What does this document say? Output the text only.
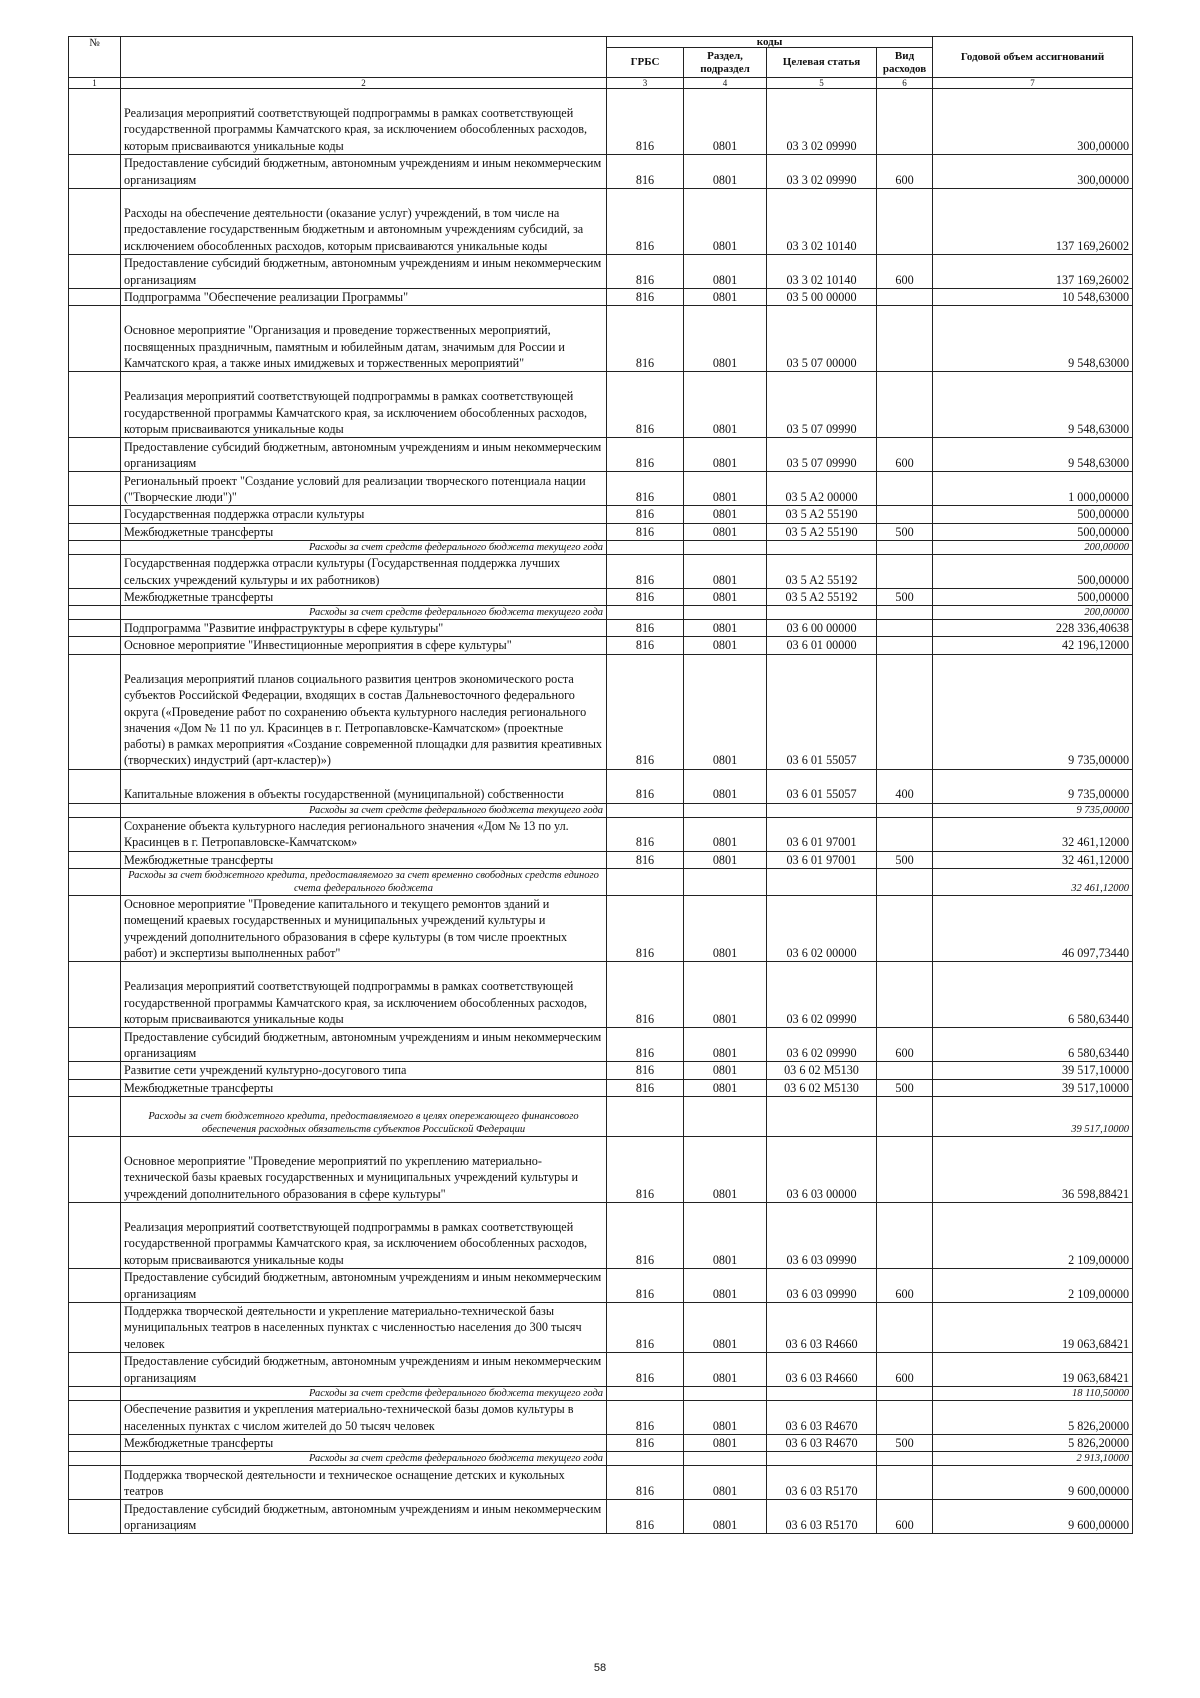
№		коды				Годовой объем ассигнований
		ГРБС	Раздел, подраздел	Целевая статья	Вид расходов	
1	2	3	4	5	6	7
	Реализация мероприятий соответствующей подпрограммы в рамках соответствующей государственной программы Камчатского края, за исключением обособленных расходов, которым присваиваются уникальные коды	816	0801	03 3 02 09990		300,00000
	Предоставление субсидий бюджетным, автономным учреждениям и иным некоммерческим организациям	816	0801	03 3 02 09990	600	300,00000
	Расходы на обеспечение деятельности (оказание услуг) учреждений, в том числе на предоставление государственным бюджетным и автономным учреждениям субсидий, за исключением обособленных расходов, которым присваиваются уникальные коды	816	0801	03 3 02 10140		137 169,26002
	Предоставление субсидий бюджетным, автономным учреждениям и иным некоммерческим организациям	816	0801	03 3 02 10140	600	137 169,26002
	Подпрограмма "Обеспечение реализации Программы"	816	0801	03 5 00 00000		10 548,63000
	Основное мероприятие "Организация и проведение торжественных мероприятий, посвященных праздничным, памятным и юбилейным датам, значимым для России и Камчатского края, а также иных имиджевых и торжественных мероприятий"	816	0801	03 5 07 00000		9 548,63000
	Реализация мероприятий соответствующей подпрограммы в рамках соответствующей государственной программы Камчатского края, за исключением обособленных расходов, которым присваиваются уникальные коды	816	0801	03 5 07 09990		9 548,63000
	Предоставление субсидий бюджетным, автономным учреждениям и иным некоммерческим организациям	816	0801	03 5 07 09990	600	9 548,63000
	Региональный проект "Создание условий для реализации творческого потенциала нации ("Творческие люди")"	816	0801	03 5 A2 00000		1 000,00000
	Государственная поддержка отрасли культуры	816	0801	03 5 A2 55190		500,00000
	Межбюджетные трансферты	816	0801	03 5 A2 55190	500	500,00000
	Расходы за счет средств федерального бюджета текущего года					200,00000
	Государственная поддержка отрасли культуры (Государственная поддержка лучших сельских учреждений культуры и их работников)	816	0801	03 5 A2 55192		500,00000
	Межбюджетные трансферты	816	0801	03 5 A2 55192	500	500,00000
	Расходы за счет средств федерального бюджета текущего года					200,00000
	Подпрограмма "Развитие инфраструктуры в сфере культуры"	816	0801	03 6 00 00000		228 336,40638
	Основное мероприятие "Инвестиционные мероприятия в сфере культуры"	816	0801	03 6 01 00000		42 196,12000
	Реализация мероприятий планов социального развития центров экономического роста субъектов Российской Федерации, входящих в состав Дальневосточного федерального округа («Проведение работ по сохранению объекта культурного наследия регионального значения «Дом № 11 по ул. Красинцев в г. Петропавловске-Камчатском» (проектные работы) в рамках мероприятия «Создание современной площадки для развития креативных (творческих) индустрий (арт-кластер)»)	816	0801	03 6 01 55057		9 735,00000
	Капитальные вложения в объекты государственной (муниципальной) собственности	816	0801	03 6 01 55057	400	9 735,00000
	Расходы за счет средств федерального бюджета текущего года					9 735,00000
	Сохранение объекта культурного наследия регионального значения «Дом № 13 по ул. Красинцев в г. Петропавловске-Камчатском»	816	0801	03 6 01 97001		32 461,12000
	Межбюджетные трансферты	816	0801	03 6 01 97001	500	32 461,12000
	Расходы за счет бюджетного кредита, предоставляемого за счет временно свободных средств единого счета федерального бюджета					32 461,12000
	Основное мероприятие "Проведение капитального и текущего ремонтов зданий и помещений краевых государственных и муниципальных учреждений культуры и учреждений дополнительного образования в сфере культуры (в том числе проектных работ) и экспертизы выполненных работ"	816	0801	03 6 02 00000		46 097,73440
	Реализация мероприятий соответствующей подпрограммы в рамках соответствующей государственной программы Камчатского края, за исключением обособленных расходов, которым присваиваются уникальные коды	816	0801	03 6 02 09990		6 580,63440
	Предоставление субсидий бюджетным, автономным учреждениям и иным некоммерческим организациям	816	0801	03 6 02 09990	600	6 580,63440
	Развитие сети учреждений культурно-досугового типа	816	0801	03 6 02 M5130		39 517,10000
	Межбюджетные трансферты	816	0801	03 6 02 M5130	500	39 517,10000
	Расходы за счет бюджетного кредита, предоставляемого в целях опережающего финансового обеспечения расходных обязательств субъектов Российской Федерации					39 517,10000
	Основное мероприятие "Проведение мероприятий по укреплению материально-технической базы краевых государственных и муниципальных учреждений культуры и учреждений дополнительного образования в сфере культуры"	816	0801	03 6 03 00000		36 598,88421
	Реализация мероприятий соответствующей подпрограммы в рамках соответствующей государственной программы Камчатского края, за исключением обособленных расходов, которым присваиваются уникальные коды	816	0801	03 6 03 09990		2 109,00000
	Предоставление субсидий бюджетным, автономным учреждениям и иным некоммерческим организациям	816	0801	03 6 03 09990	600	2 109,00000
	Поддержка творческой деятельности и укрепление материально-технической базы муниципальных театров в населенных пунктах с численностью населения до 300 тысяч человек	816	0801	03 6 03 R4660		19 063,68421
	Предоставление субсидий бюджетным, автономным учреждениям и иным некоммерческим организациям	816	0801	03 6 03 R4660	600	19 063,68421
	Расходы за счет средств федерального бюджета текущего года					18 110,50000
	Обеспечение развития и укрепления материально-технической базы домов культуры в населенных пунктах с числом жителей до 50 тысяч человек	816	0801	03 6 03 R4670		5 826,20000
	Межбюджетные трансферты	816	0801	03 6 03 R4670	500	5 826,20000
	Расходы за счет средств федерального бюджета текущего года					2 913,10000
	Поддержка творческой деятельности и техническое оснащение детских и кукольных театров	816	0801	03 6 03 R5170		9 600,00000
	Предоставление субсидий бюджетным, автономным учреждениям и иным некоммерческим организациям	816	0801	03 6 03 R5170	600	9 600,00000
58
